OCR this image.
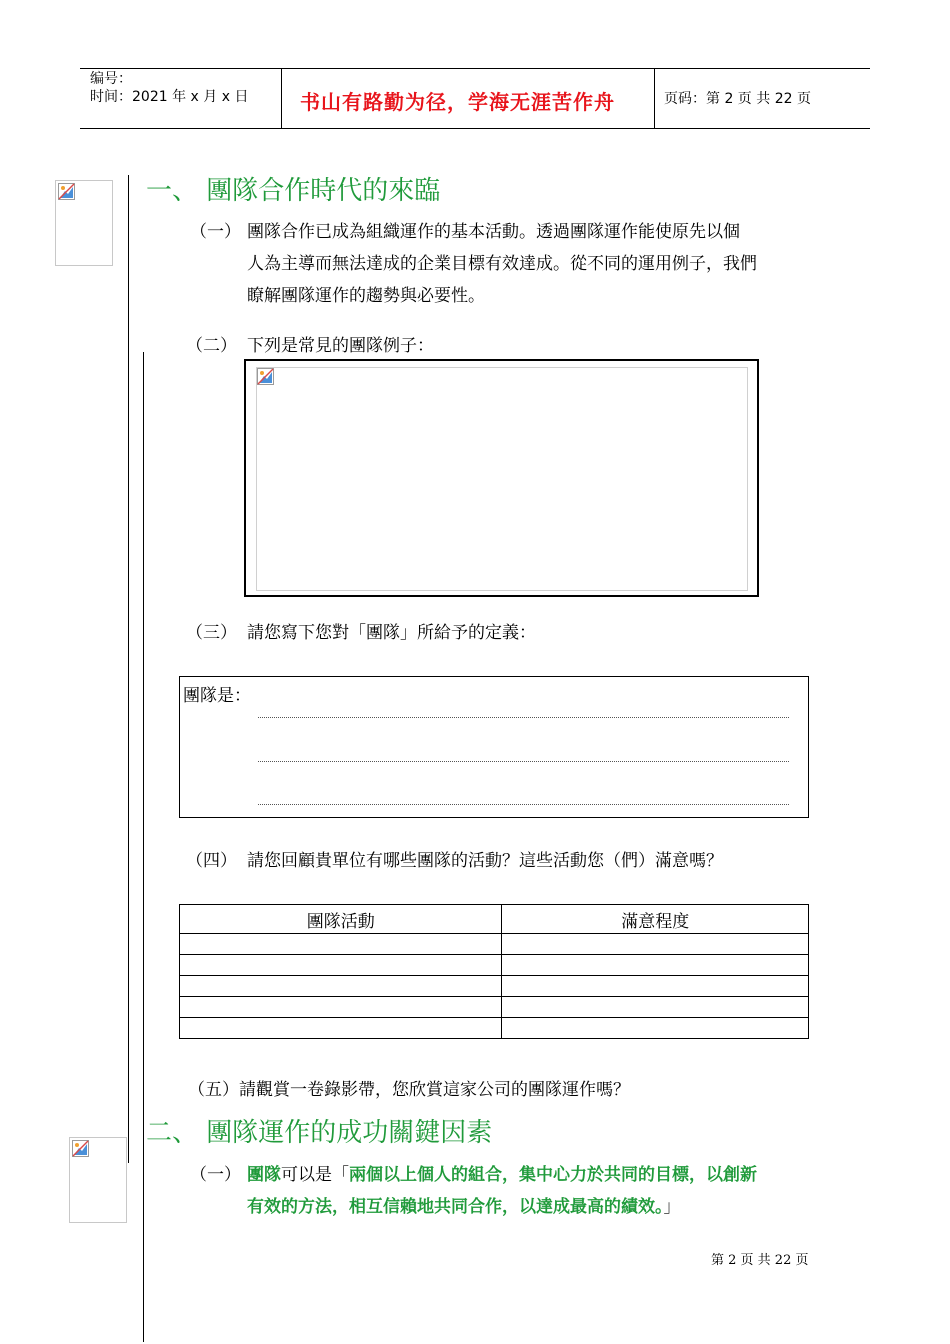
编号：
时间：2021 年 x 月 x 日	书山有路勤为径，学海无涯苦作舟	页码：第 2 页 共 22 页
一、 團隊合作時代的來臨
（一） 團隊合作已成為組織運作的基本活動。透過團隊運作能使原先以個
人為主導而無法達成的企業目標有效達成。從不同的運用例子，我們
瞭解團隊運作的趨勢與必要性。
（二） 下列是常見的團隊例子：
（三） 請您寫下您對「團隊」所給予的定義：
團隊是：
（四） 請您回顧貴單位有哪些團隊的活動？這些活動您（們）滿意嗎？
團隊活動	滿意程度

（五）請觀賞一卷錄影帶，您欣賞這家公司的團隊運作嗎？
二、 團隊運作的成功關鍵因素
（一） 團隊可以是「兩個以上個人的組合，集中心力於共同的目標，以創新
有效的方法，相互信賴地共同合作，以達成最高的績效。」
第 2 页 共 22 页
